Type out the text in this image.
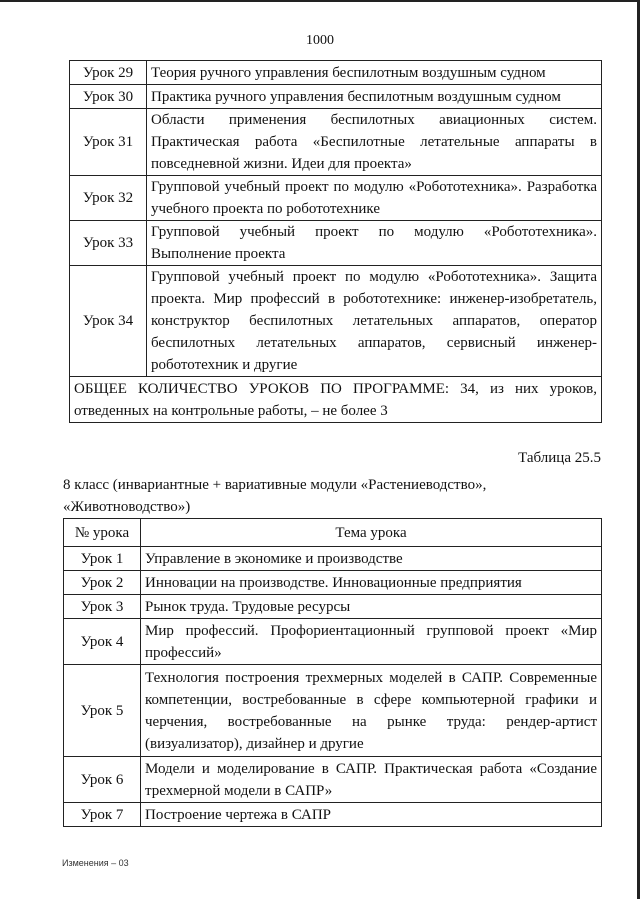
1000
Урок 29	Теория ручного управления беспилотным воздушным судном
Урок 30	Практика ручного управления беспилотным воздушным судном
Урок 31	Области применения беспилотных авиационных систем. Практическая работа «Беспилотные летательные аппараты в повседневной жизни. Идеи для проекта»
Урок 32	Групповой учебный проект по модулю «Робототехника». Разработка учебного проекта по робототехнике
Урок 33	Групповой учебный проект по модулю «Робототехника». Выполнение проекта
Урок 34	Групповой учебный проект по модулю «Робототехника». Защита проекта. Мир профессий в робототехнике: инженер-изобретатель, конструктор беспилотных летательных аппаратов, оператор беспилотных летательных аппаратов, сервисный инженер-робототехник и другие
ОБЩЕЕ КОЛИЧЕСТВО УРОКОВ ПО ПРОГРАММЕ: 34, из них уроков, отведенных на контрольные работы, – не более 3	
Таблица 25.5
8 класс (инвариантные + вариативные модули «Растениеводство», «Животноводство»)
№ урока	Тема урока
Урок 1	Управление в экономике и производстве
Урок 2	Инновации на производстве. Инновационные предприятия
Урок 3	Рынок труда. Трудовые ресурсы
Урок 4	Мир профессий. Профориентационный групповой проект «Мир профессий»
Урок 5	Технология построения трехмерных моделей в САПР. Современные компетенции, востребованные в сфере компьютерной графики и черчения, востребованные на рынке труда: рендер-артист (визуализатор), дизайнер и другие
Урок 6	Модели и моделирование в САПР. Практическая работа «Создание трехмерной модели в САПР»
Урок 7	Построение чертежа в САПР
Изменения – 03
